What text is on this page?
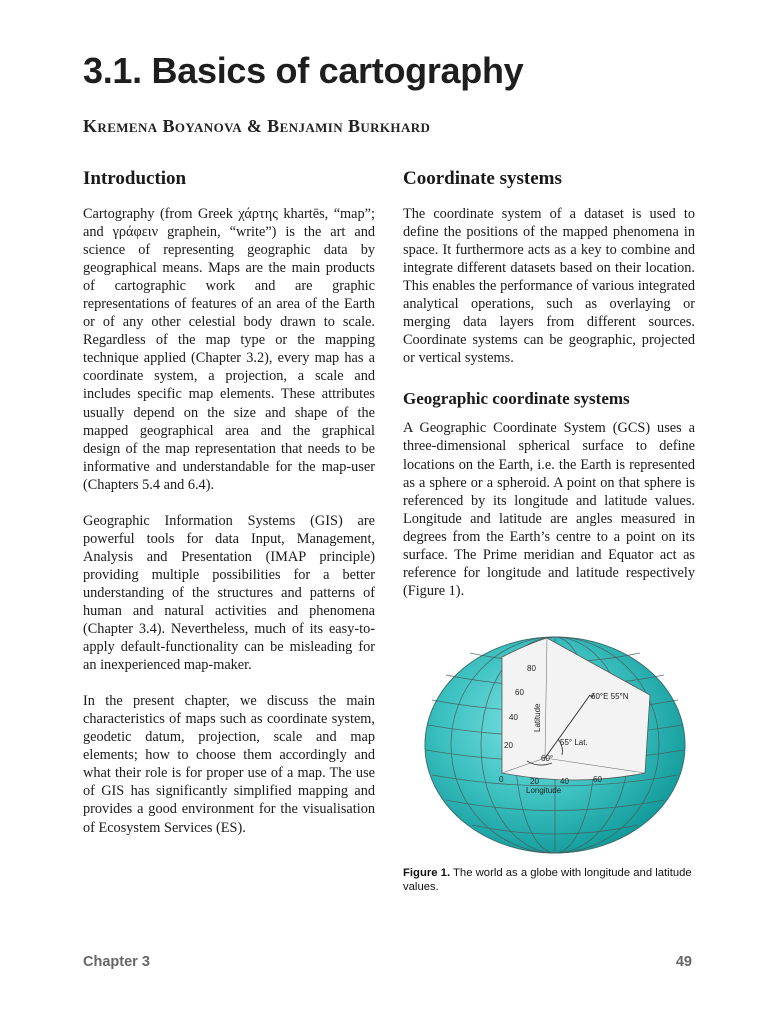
3.1. Basics of cartography
Kremena Boyanova & Benjamin Burkhard
Introduction

Cartography (from Greek χάρτης khartēs, “map”; and γράφειν graphein, “write”) is the art and science of representing geographic data by geographical means. Maps are the main products of cartographic work and are graphic representations of features of an area of the Earth or of any other celestial body drawn to scale. Regardless of the map type or the mapping technique applied (Chapter 3.2), every map has a coordinate system, a projection, a scale and includes specific map elements. These attributes usually depend on the size and shape of the mapped geographical area and the graphical design of the map representation that needs to be informative and understandable for the map-user (Chapters 5.4 and 6.4).

Geographic Information Systems (GIS) are powerful tools for data Input, Management, Analysis and Presentation (IMAP principle) providing multiple possibilities for a better understanding of the structures and patterns of human and natural activities and phenomena (Chapter 3.4). Nevertheless, much of its easy-to-apply default-functionality can be misleading for an inexperienced map-maker.

In the present chapter, we discuss the main characteristics of maps such as coordinate system, geodetic datum, projection, scale and map elements; how to choose them accordingly and what their role is for proper use of a map. The use of GIS has significantly simplified mapping and provides a good environment for the visualisation of Ecosystem Services (ES).

Coordinate systems

The coordinate system of a dataset is used to define the positions of the mapped phenomena in space. It furthermore acts as a key to combine and integrate different datasets based on their location. This enables the performance of various integrated analytical operations, such as overlaying or merging data layers from different sources. Coordinate systems can be geographic, projected or vertical systems.

Geographic coordinate systems

A Geographic Coordinate System (GCS) uses a three-dimensional spherical surface to define locations on the Earth, i.e. the Earth is represented as a sphere or a spheroid. A point on that sphere is referenced by its longitude and latitude values. Longitude and latitude are angles measured in degrees from the Earth’s centre to a point on its surface. The Prime meridian and Equator act as reference for longitude and latitude respectively (Figure 1).

80
60
40
20
Latitude
60°E 55°N
55° Lat.
60°
0	20	40	60
Longitude
Figure 1. The world as a globe with longitude and latitude values.
Chapter 3	49
